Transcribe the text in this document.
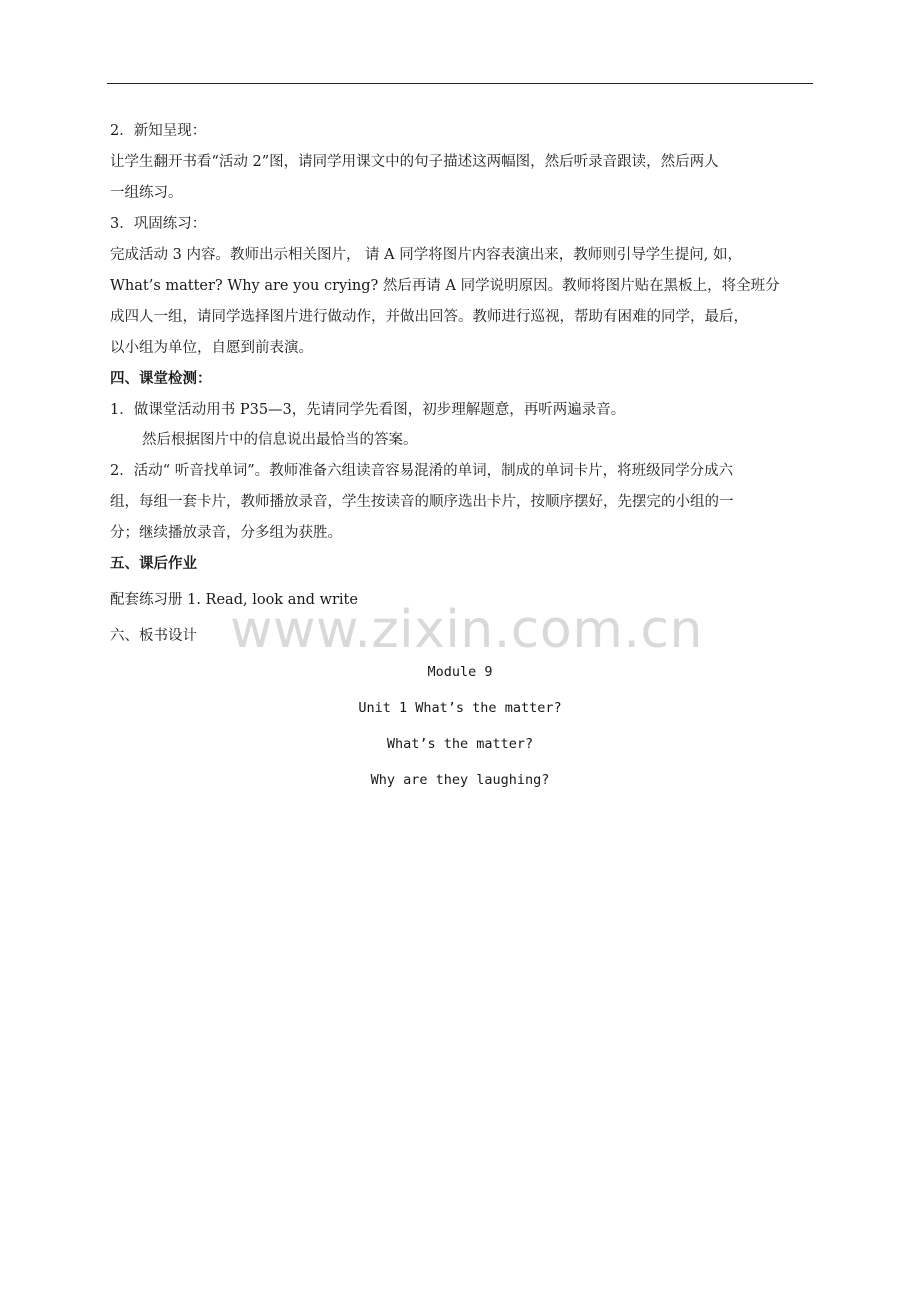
www.zixin.com.cn
2．新知呈现：
让学生翻开书看“活动 2”图，请同学用课文中的句子描述这两幅图，然后听录音跟读，然后两人
一组练习。
3．巩固练习：
完成活动 3 内容。教师出示相关图片， 请 A 同学将图片内容表演出来，教师则引导学生提问, 如，
What’s matter? Why are you crying? 然后再请 A 同学说明原因。教师将图片贴在黑板上，将全班分
成四人一组，请同学选择图片进行做动作，并做出回答。教师进行巡视，帮助有困难的同学，最后，
以小组为单位，自愿到前表演。
四、课堂检测：
1．做课堂活动用书 P35—3，先请同学先看图，初步理解题意，再听两遍录音。
然后根据图片中的信息说出最恰当的答案。
2．活动“ 听音找单词”。教师准备六组读音容易混淆的单词，制成的单词卡片，将班级同学分成六
组，每组一套卡片，教师播放录音，学生按读音的顺序选出卡片，按顺序摆好，先摆完的小组的一
分；继续播放录音，分多组为获胜。
五、课后作业
配套练习册 1. Read, look and write
六、板书设计
Module 9
Unit 1 What’s the matter?
What’s the matter?
Why are they laughing?
